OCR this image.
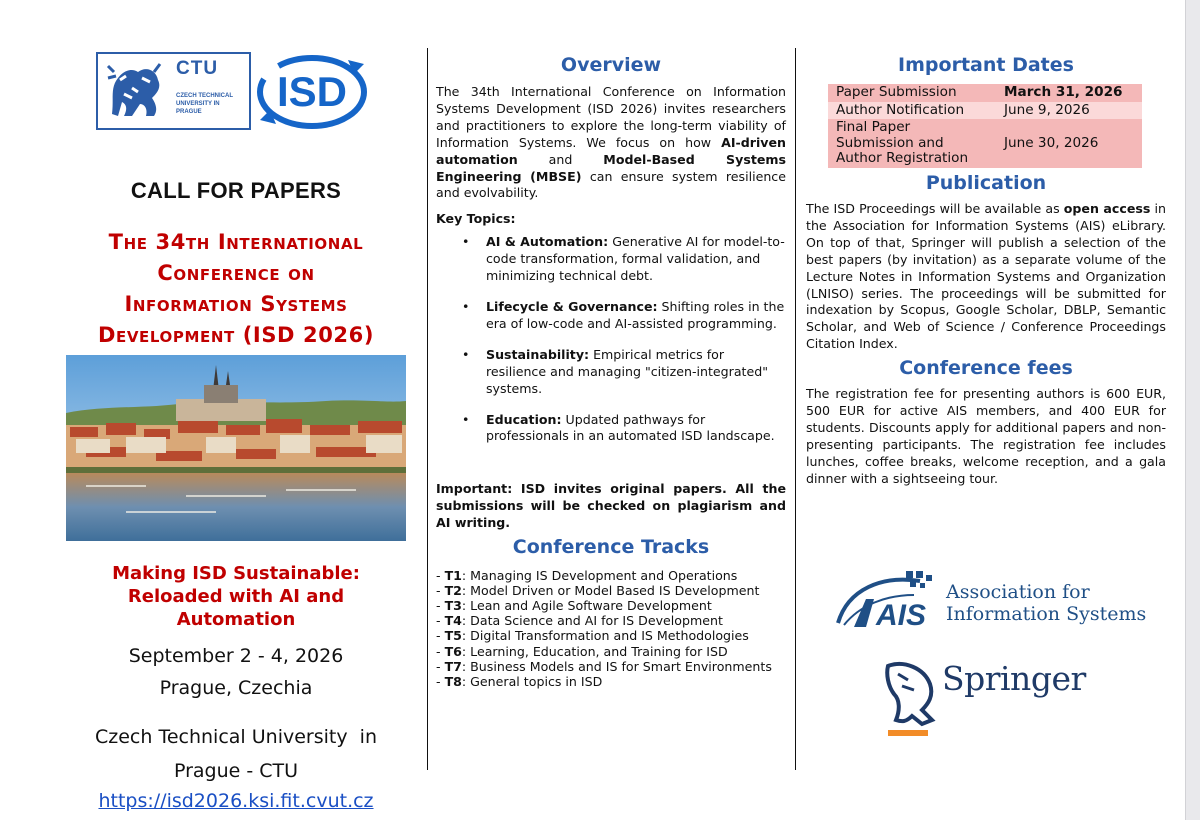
CTU
CZECH TECHNICAL UNIVERSITY IN PRAGUE	ISD
CALL FOR PAPERS
The 34th International
Conference on
Information Systems
Development (ISD 2026)
Making ISD Sustainable:
Reloaded with AI and
Automation
September 2 - 4, 2026
Prague, Czechia
Czech Technical University  in
Prague - CTU
https://isd2026.ksi.fit.cvut.cz
Overview

The 34th International Conference on Information Systems Development (ISD 2026) invites researchers and practitioners to explore the long-term viability of Information Systems. We focus on how AI-driven automation and Model-Based Systems Engineering (MBSE) can ensure system resilience and evolvability.

Key Topics:
• AI & Automation: Generative AI for model-to-code transformation, formal validation, and minimizing technical debt.
• Lifecycle & Governance: Shifting roles in the era of low-code and AI-assisted programming.
• Sustainability: Empirical metrics for resilience and managing "citizen-integrated" systems.
• Education: Updated pathways for professionals in an automated ISD landscape.

Important: ISD invites original papers. All the submissions will be checked on plagiarism and AI writing.

Conference Tracks
- T1: Managing IS Development and Operations
- T2: Model Driven or Model Based IS Development
- T3: Lean and Agile Software Development
- T4: Data Science and AI for IS Development
- T5: Digital Transformation and IS Methodologies
- T6: Learning, Education, and Training for ISD
- T7: Business Models and IS for Smart Environments
- T8: General topics in ISD
Important Dates
Paper Submission	March 31, 2026
Author Notification	June 9, 2026
Final Paper Submission and Author Registration	June 30, 2026
Publication

The ISD Proceedings will be available as open access in the Association for Information Systems (AIS) eLibrary. On top of that, Springer will publish a selection of the best papers (by invitation) as a separate volume of the Lecture Notes in Information Systems and Organization (LNISO) series. The proceedings will be submitted for indexation by Scopus, Google Scholar, DBLP, Semantic Scholar, and Web of Science / Conference Proceedings Citation Index.

Conference fees

The registration fee for presenting authors is 600 EUR, 500 EUR for active AIS members, and 400 EUR for students. Discounts apply for additional papers and non-presenting participants. The registration fee includes lunches, coffee breaks, welcome reception, and a gala dinner with a sightseeing tour.

AIS
Association for
Information Systems
Springer
